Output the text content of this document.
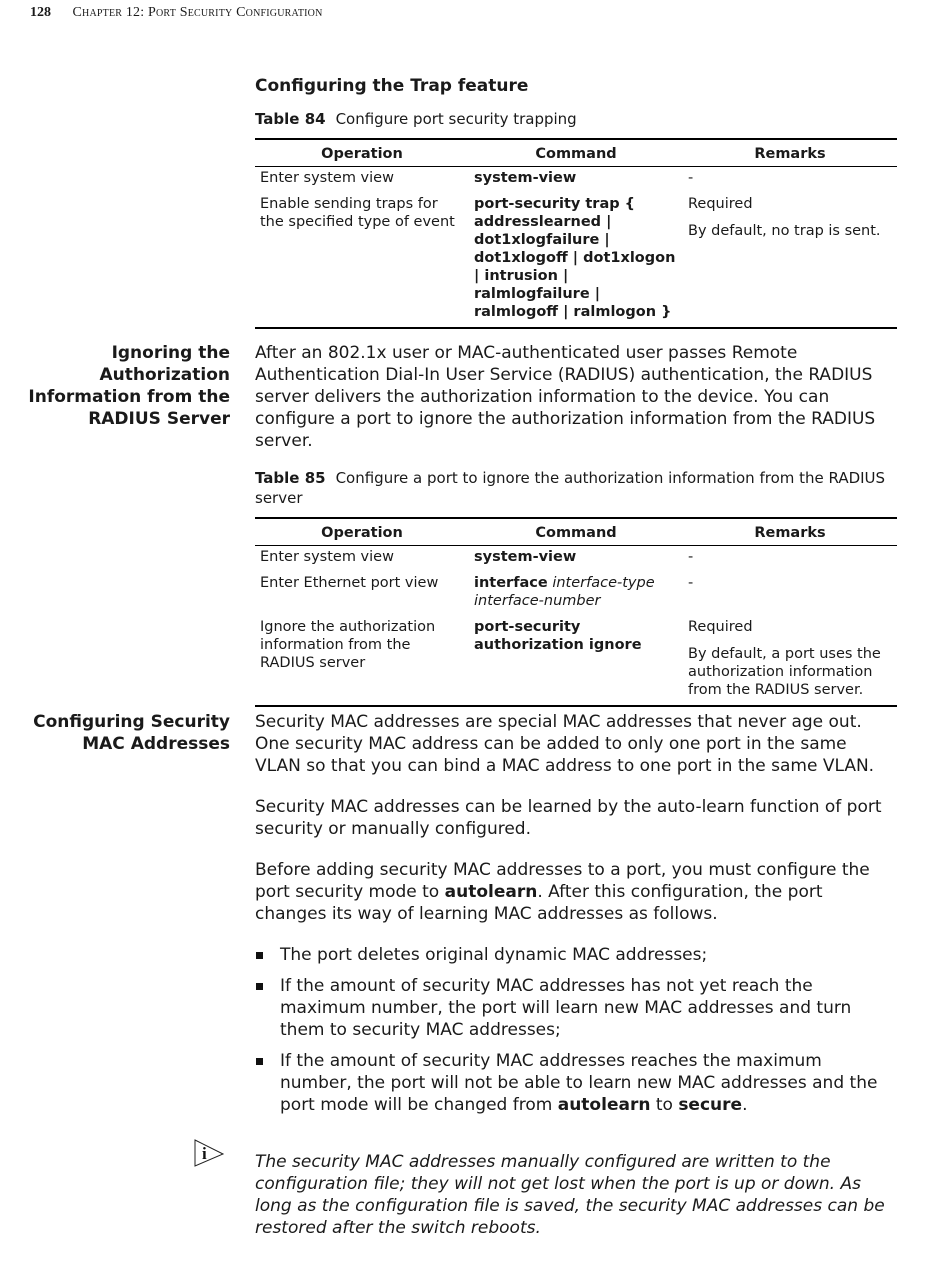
128 Chapter 12: Port Security Configuration
Configuring the Trap feature
Table 84 Configure port security trapping
Operation	Command	Remarks
Enter system view	system-view	-
Enable sending traps for the specified type of event	port-security trap { addresslearned | dot1xlogfailure | dot1xlogoff | dot1xlogon | intrusion | ralmlogfailure | ralmlogoff | ralmlogon }	Required

By default, no trap is sent.

Ignoring the Authorization Information from the RADIUS Server

After an 802.1x user or MAC-authenticated user passes Remote Authentication Dial-In User Service (RADIUS) authentication, the RADIUS server delivers the authorization information to the device. You can configure a port to ignore the authorization information from the RADIUS server.

Table 85 Configure a port to ignore the authorization information from the RADIUS server
Operation	Command	Remarks
Enter system view	system-view	-
Enter Ethernet port view	interface interface-type interface-number	-
Ignore the authorization information from the RADIUS server	port-security authorization ignore	Required

By default, a port uses the authorization information from the RADIUS server.

Configuring Security MAC Addresses

Security MAC addresses are special MAC addresses that never age out. One security MAC address can be added to only one port in the same VLAN so that you can bind a MAC address to one port in the same VLAN.

Security MAC addresses can be learned by the auto-learn function of port security or manually configured.

Before adding security MAC addresses to a port, you must configure the port security mode to autolearn. After this configuration, the port changes its way of learning MAC addresses as follows.

The port deletes original dynamic MAC addresses;
If the amount of security MAC addresses has not yet reach the maximum number, the port will learn new MAC addresses and turn them to security MAC addresses;
If the amount of security MAC addresses reaches the maximum number, the port will not be able to learn new MAC addresses and the port mode will be changed from autolearn to secure.
i	The security MAC addresses manually configured are written to the configuration file; they will not get lost when the port is up or down. As long as the configuration file is saved, the security MAC addresses can be restored after the switch reboots.
